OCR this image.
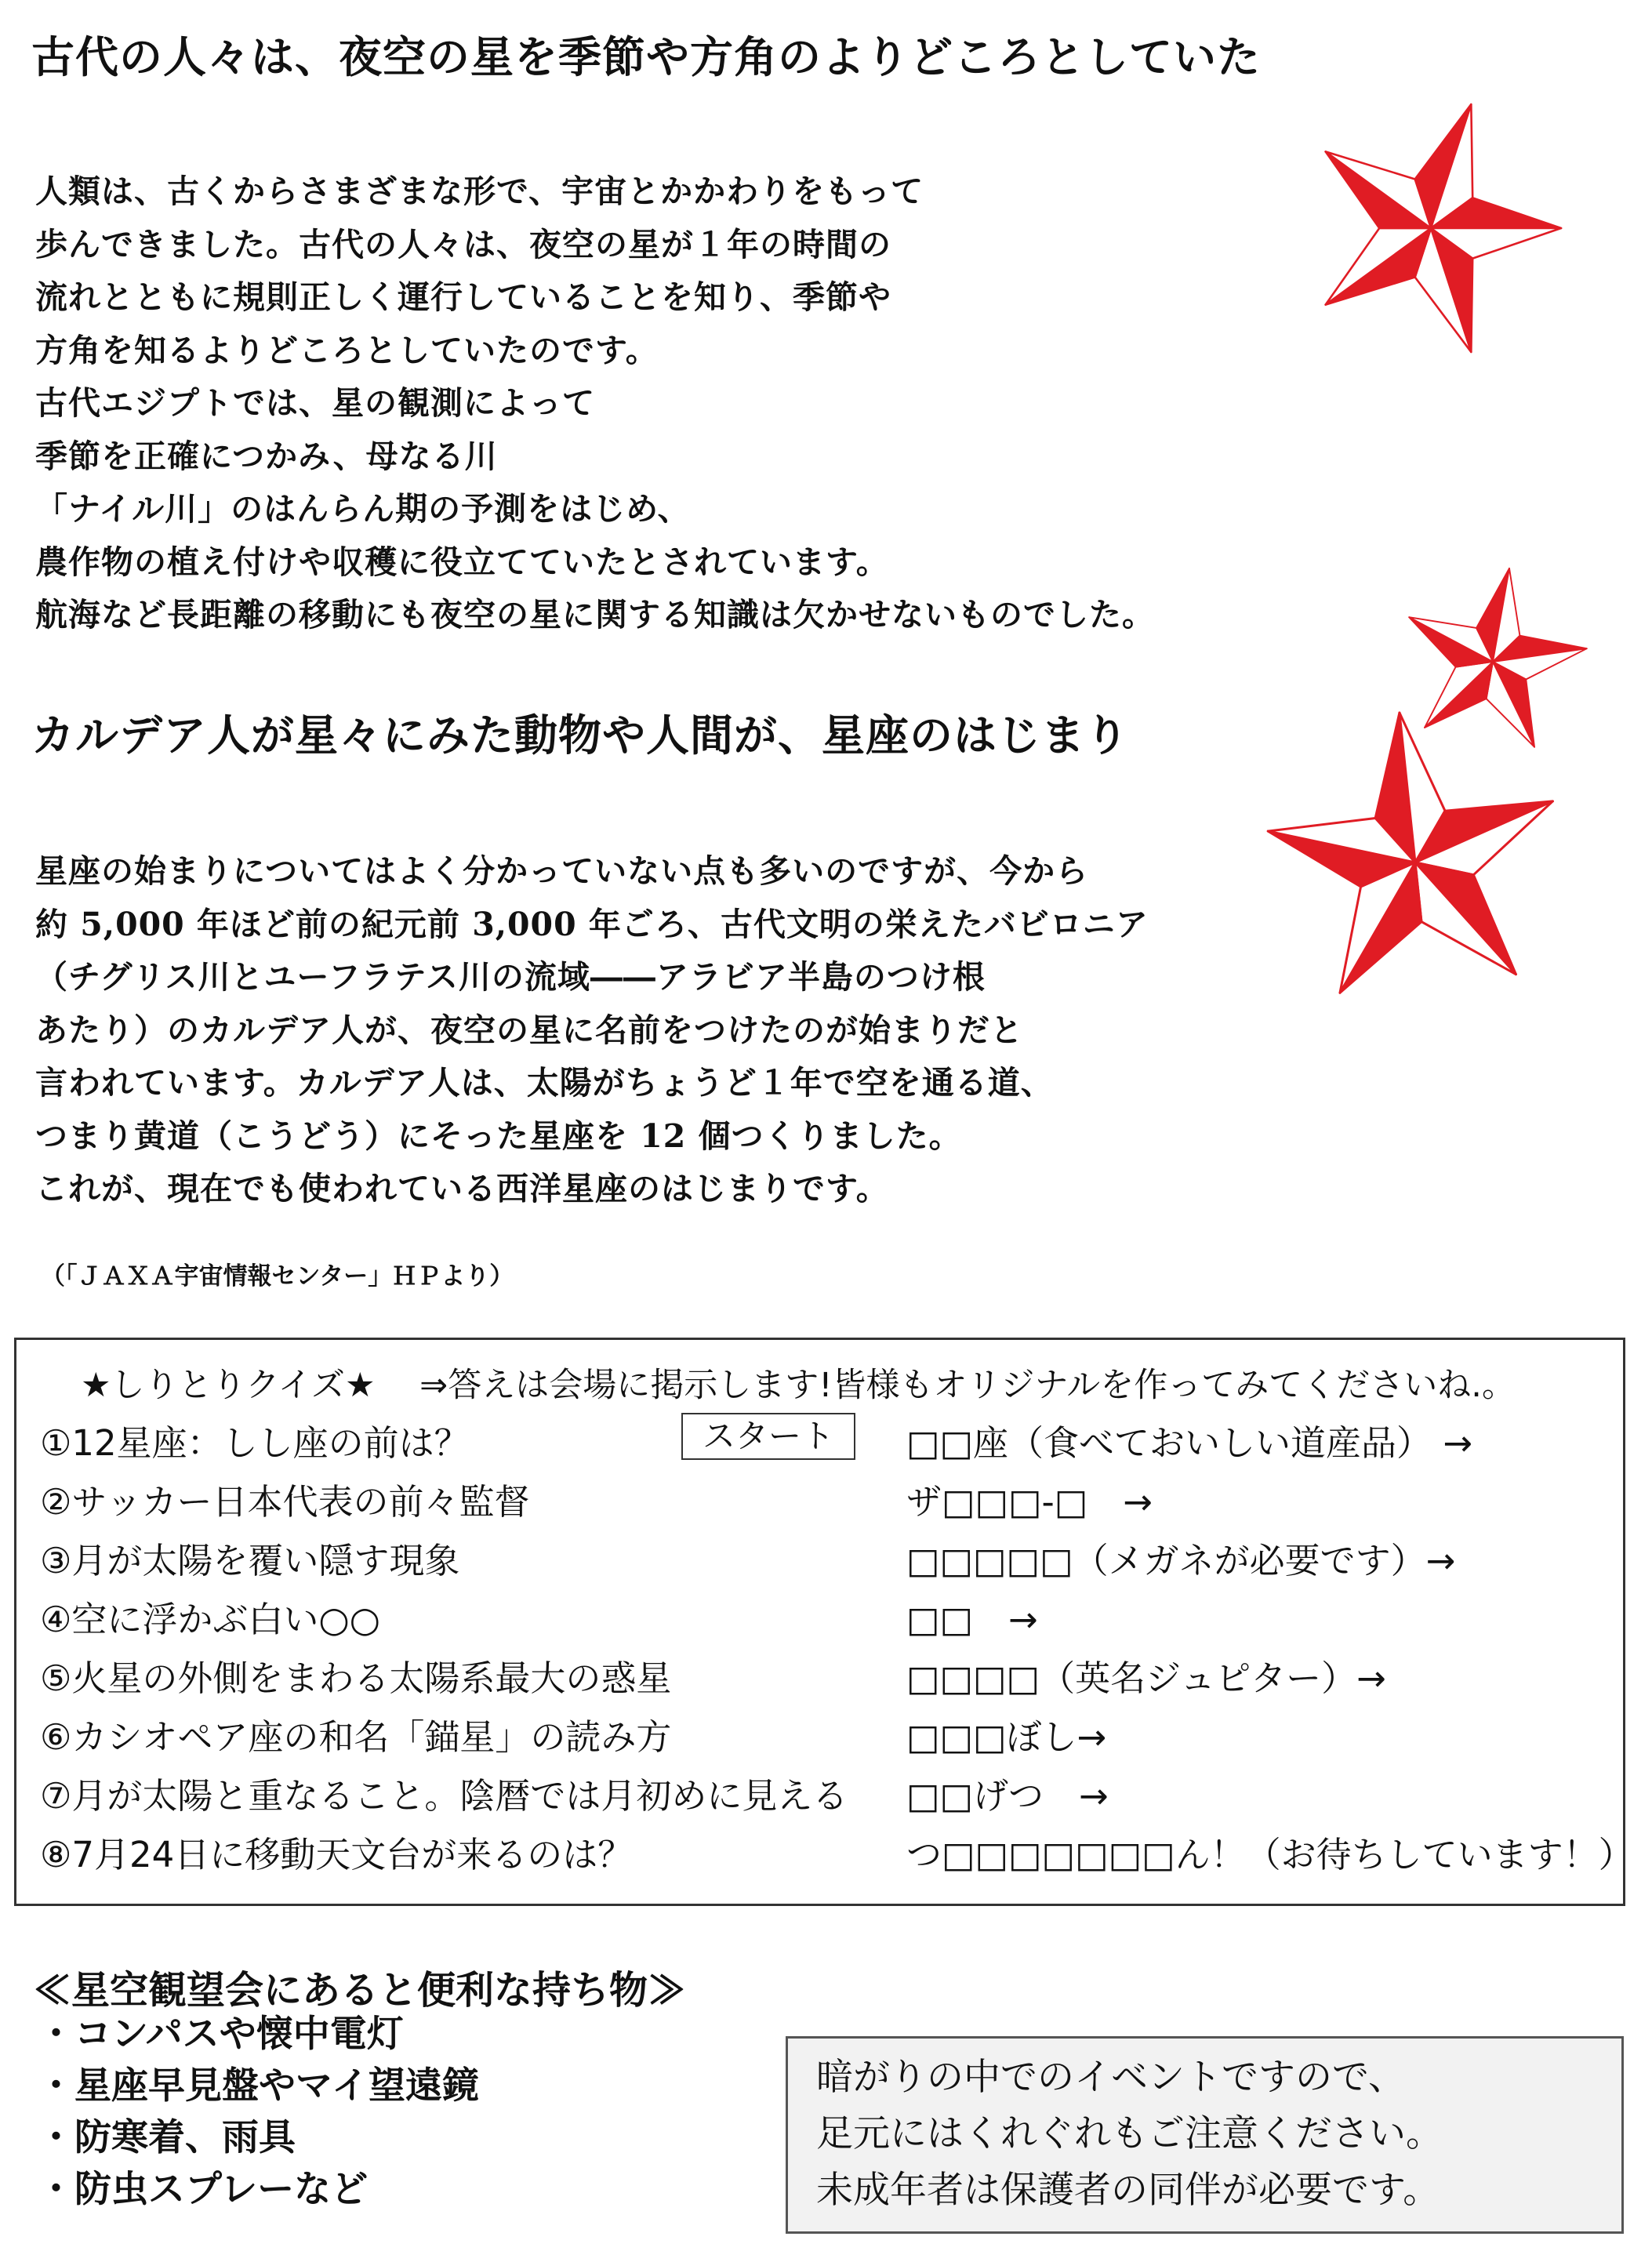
古代の人々は、夜空の星を季節や方角のよりどころとしていた
人類は、古くからさまざまな形で、宇宙とかかわりをもって
歩んできました。古代の人々は、夜空の星が１年の時間の
流れとともに規則正しく運行していることを知り、季節や
方角を知るよりどころとしていたのです。
古代エジプトでは、星の観測によって
季節を正確につかみ、母なる川
「ナイル川」のはんらん期の予測をはじめ、
農作物の植え付けや収穫に役立てていたとされています。
航海など長距離の移動にも夜空の星に関する知識は欠かせないものでした。
カルデア人が星々にみた動物や人間が、星座のはじまり
星座の始まりについてはよく分かっていない点も多いのですが、今から
約 5,000 年ほど前の紀元前 3,000 年ごろ、古代文明の栄えたバビロニア
（チグリス川とユーフラテス川の流域――アラビア半島のつけ根
あたり）のカルデア人が、夜空の星に名前をつけたのが始まりだと
言われています。カルデア人は、太陽がちょうど１年で空を通る道、
つまり黄道（こうどう）にそった星座を 12 個つくりました。
これが、現在でも使われている西洋星座のはじまりです。
（「ＪＡＸＡ宇宙情報センター」ＨＰより）
★しりとりクイズ★　 ⇒答えは会場に掲示します!皆様もオリジナルを作ってみてくださいね.。
スタート
①12星座：しし座の前は？	□□座（食べておいしい道産品） →
②サッカー日本代表の前々監督	ザ□□□-□　→
③月が太陽を覆い隠す現象	□□□□□（メガネが必要です）→
④空に浮かぶ白い○○	□□　→
⑤火星の外側をまわる太陽系最大の惑星	□□□□（英名ジュピター）→
⑥カシオペア座の和名「錨星」の読み方	□□□ぼし→
⑦月が太陽と重なること。陰暦では月初めに見える □□げつ　→
⑧7月24日に移動天文台が来るのは？	つ□□□□□□□ん！（お待ちしています！）
≪星空観望会にあると便利な持ち物≫
・コンパスや懐中電灯
・星座早見盤やマイ望遠鏡
・防寒着、雨具
・防虫スプレーなど
暗がりの中でのイベントですので、
足元にはくれぐれもご注意ください。
未成年者は保護者の同伴が必要です。
